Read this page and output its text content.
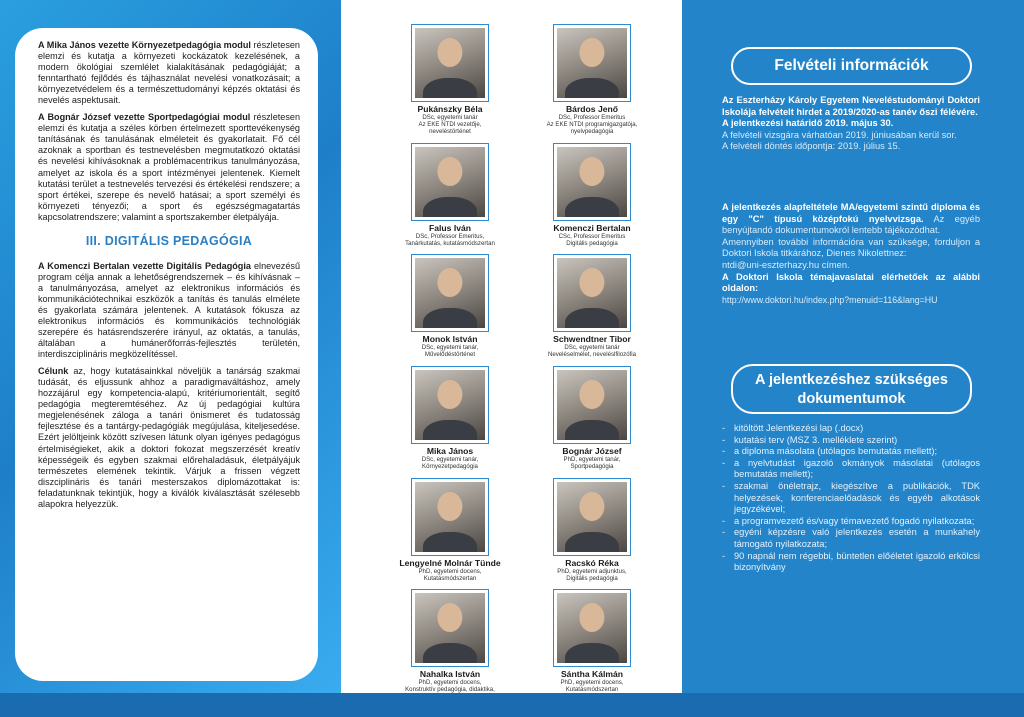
A Mika János vezette Környezetpedagógia modul részletesen elemzi és kutatja a környezeti kockázatok kezelésének, a modern ökológiai szemlélet kialakításának pedagógiáját; a fenntartható fejlődés és tájhasználat nevelési vonatkozásait; a környezetvédelem és a természettudományi képzés oktatási és nevelés aspektusait.

A Bognár József vezette Sportpedagógiai modul részletesen elemzi és kutatja a széles körben értelmezett sporttevékenység tanításának és tanulásának elméleteit és gyakorlatait. Fő cél azoknak a sportban és testnevelésben megmutatkozó oktatási és nevelési kihívásoknak a problémacentrikus tanulmányozása, amelyet az iskola és a sport intézményei jelentenek. Kiemelt kutatási terület a testnevelés tervezési és értékelési rendszere; a sport értékei, szerepe és nevelő hatásai; a sport személyi és környezeti tényezői; a sport és egészségmagatartás kapcsolatrendszere; valamint a sportszakember életpályája.

III. DIGITÁLIS PEDAGÓGIA

A Komenczi Bertalan vezette Digitális Pedagógia elnevezésű program célja annak a lehetőségrendszernek – és kihívásnak – a tanulmányozása, amelyet az elektronikus információs és kommunikációtechnikai eszközök a tanítás és tanulás elmélete és gyakorlata számára jelentenek. A kutatások fókusza az elektronikus információs és kommunikációs technológiák szerepére és hatásrendszerére irányul, az oktatás, a tanulás, általában a humánerőforrás-fejlesztés területén, interdiszciplináris megközelítéssel.

Célunk az, hogy kutatásainkkal növeljük a tanárság szakmai tudását, és eljussunk ahhoz a paradigmaváltáshoz, amely hozzájárul egy kompetencia-alapú, kritériumorientált, segítő pedagógia megteremtéséhez. Az új pedagógiai kultúra megjelenésének záloga a tanári önismeret és tudatosság fejlesztése és a tantárgy-pedagógiák megújulása, kiteljesedése. Ezért jelöltjeink között szívesen látunk olyan igényes pedagógus értelmiségieket, akik a doktori fokozat megszerzését kreatív képességeik és egyben szakmai előrehaladásuk, életpályájuk természetes elemének tekintik. Várjuk a frissen végzett diszciplináris és tanári mesterszakos diplomázottakat is: feladatunknak tekintjük, hogy a kiválók kiválasztását szélesebb alapokra helyezzük.

Pukánszky Béla
DSc, egyetemi tanár
Az EKE NTDI vezetője,
neveléstörténet
Bárdos Jenő
DSc, Professor Emeritus
Az EKE NTDI programigazgatója,
nyelvpedagógia
Falus Iván
DSc, Professor Emeritus,
Tanárkutatás, kutatásmódszertan
Komenczi Bertalan
CSc, Professor Emeritus
Digitális pedagógia
Monok István
DSc, egyetemi tanár,
Művelődéstörténet
Schwendtner Tibor
DSc, egyetemi tanár
Neveléselmélet, neveléslfilozófia
Mika János
DSc, egyetemi tanár,
Környezetpedagógia
Bognár József
PhD, egyetemi tanár,
Sportpedagógia
Lengyelné Molnár Tünde
PhD, egyetemi docens,
Kutatásmódszertan
Racskó Réka
PhD, egyetemi adjunktus,
Digitális pedagógia
Nahalka István
PhD, egyetemi docens,
Konstruktív pedagógia, didaktika,
Sántha Kálmán
PhD, egyetemi docens,
Kutatásmódszertan
Felvételi információk

Az Eszterházy Károly Egyetem Neveléstudományi Doktori Iskolája felvételt hirdet a 2019/2020-as tanév őszi félévére.

A jelentkezési határidő 2019. május 30.

A felvételi vizsgára várhatóan 2019. júniusában kerül sor.

A felvételi döntés időpontja: 2019. július 15.

A jelentkezés alapfeltétele MA/egyetemi szintű diploma és egy "C" típusú középfokú nyelvvizsga. Az egyéb benyújtandó dokumentumokról lentebb tájékozódhat.

Amennyiben további információra van szüksége, forduljon a Doktori Iskola titkárához, Dienes Nikolettnez:

ntdi@uni-eszterhazy.hu címen.

A Doktori Iskola témajavaslatai elérhetőek az alábbi oldalon:

http://www.doktori.hu/index.php?menuid=116&lang=HU

A jelentkezéshez szükséges
dokumentumok
- kitöltött Jelentkezési lap (.docx)
- kutatási terv (MSZ 3. melléklete szerint)
- a diploma másolata (utólagos bemutatás mellett);
- a nyelvtudást igazoló okmányok másolatai (utólagos bemutatás mellett);
- szakmai önéletrajz, kiegészítve a publikációk, TDK helyezések, konferenciaelőadások és egyéb alkotások jegyzékével;
- a programvezető és/vagy témavezető fogadó nyilatkozata;
- egyéni képzésre való jelentkezés esetén a munkahely támogató nyilatkozata;
- 90 napnál nem régebbi, büntetlen előéletet igazoló erkölcsi bizonyítvány
